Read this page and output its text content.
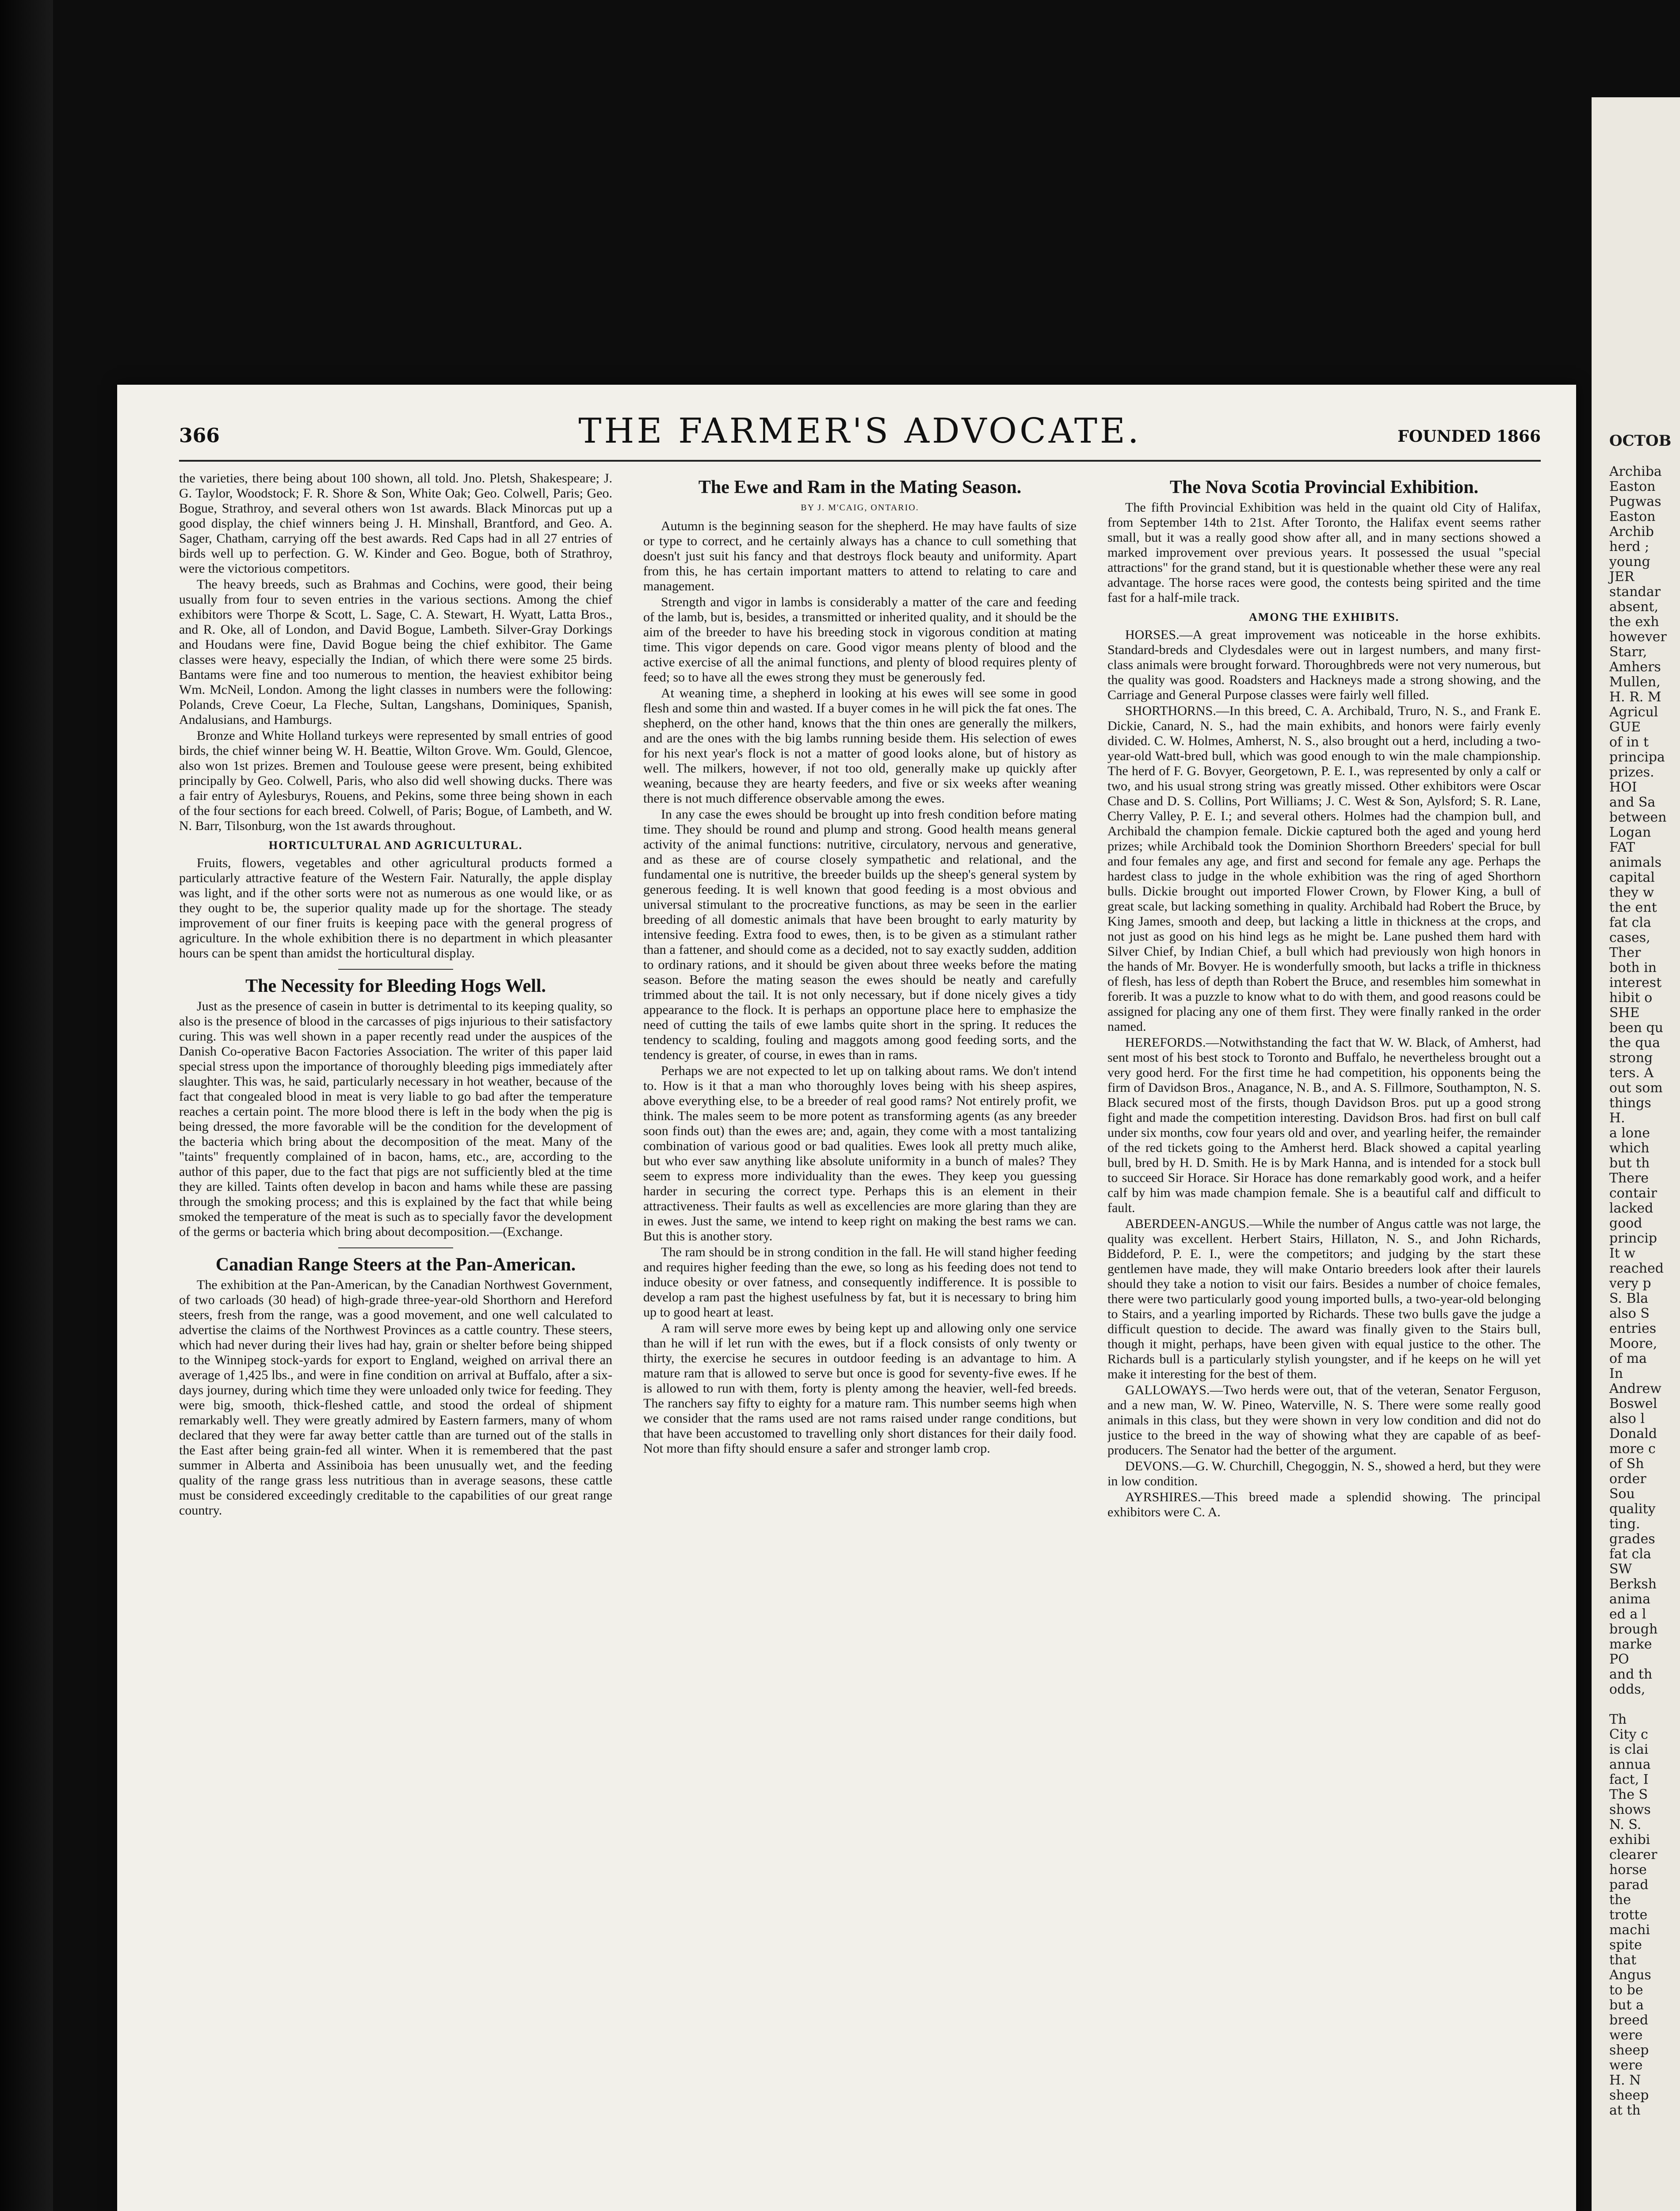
366	THE FARMER'S ADVOCATE.	FOUNDED 1866

the varieties, there being about 100 shown, all told. Jno. Pletsh, Shakespeare; J. G. Taylor, Woodstock; F. R. Shore & Son, White Oak; Geo. Colwell, Paris; Geo. Bogue, Strathroy, and several others won 1st awards. Black Minorcas put up a good display, the chief winners being J. H. Minshall, Brantford, and Geo. A. Sager, Chatham, carrying off the best awards. Red Caps had in all 27 entries of birds well up to perfection. G. W. Kinder and Geo. Bogue, both of Strathroy, were the victorious competitors.

The heavy breeds, such as Brahmas and Cochins, were good, their being usually from four to seven entries in the various sections. Among the chief exhibitors were Thorpe & Scott, L. Sage, C. A. Stewart, H. Wyatt, Latta Bros., and R. Oke, all of London, and David Bogue, Lambeth. Silver-Gray Dorkings and Houdans were fine, David Bogue being the chief exhibitor. The Game classes were heavy, especially the Indian, of which there were some 25 birds. Bantams were fine and too numerous to mention, the heaviest exhibitor being Wm. McNeil, London. Among the light classes in numbers were the following: Polands, Creve Coeur, La Fleche, Sultan, Langshans, Dominiques, Spanish, Andalusians, and Hamburgs.

Bronze and White Holland turkeys were represented by small entries of good birds, the chief winner being W. H. Beattie, Wilton Grove. Wm. Gould, Glencoe, also won 1st prizes. Bremen and Toulouse geese were present, being exhibited principally by Geo. Colwell, Paris, who also did well showing ducks. There was a fair entry of Aylesburys, Rouens, and Pekins, some three being shown in each of the four sections for each breed. Colwell, of Paris; Bogue, of Lambeth, and W. N. Barr, Tilsonburg, won the 1st awards throughout.

HORTICULTURAL AND AGRICULTURAL.

Fruits, flowers, vegetables and other agricultural products formed a particularly attractive feature of the Western Fair. Naturally, the apple display was light, and if the other sorts were not as numerous as one would like, or as they ought to be, the superior quality made up for the shortage. The steady improvement of our finer fruits is keeping pace with the general progress of agriculture. In the whole exhibition there is no department in which pleasanter hours can be spent than amidst the horticultural display.

The Necessity for Bleeding Hogs Well.

Just as the presence of casein in butter is detrimental to its keeping quality, so also is the presence of blood in the carcasses of pigs injurious to their satisfactory curing. This was well shown in a paper recently read under the auspices of the Danish Co-operative Bacon Factories Association. The writer of this paper laid special stress upon the importance of thoroughly bleeding pigs immediately after slaughter. This was, he said, particularly necessary in hot weather, because of the fact that congealed blood in meat is very liable to go bad after the temperature reaches a certain point. The more blood there is left in the body when the pig is being dressed, the more favorable will be the condition for the development of the bacteria which bring about the decomposition of the meat. Many of the "taints" frequently complained of in bacon, hams, etc., are, according to the author of this paper, due to the fact that pigs are not sufficiently bled at the time they are killed. Taints often develop in bacon and hams while these are passing through the smoking process; and this is explained by the fact that while being smoked the temperature of the meat is such as to specially favor the development of the germs or bacteria which bring about decomposition.—(Exchange.

Canadian Range Steers at the Pan-American.

The exhibition at the Pan-American, by the Canadian Northwest Government, of two carloads (30 head) of high-grade three-year-old Shorthorn and Hereford steers, fresh from the range, was a good movement, and one well calculated to advertise the claims of the Northwest Provinces as a cattle country. These steers, which had never during their lives had hay, grain or shelter before being shipped to the Winnipeg stock-yards for export to England, weighed on arrival there an average of 1,425 lbs., and were in fine condition on arrival at Buffalo, after a six-days journey, during which time they were unloaded only twice for feeding. They were big, smooth, thick-fleshed cattle, and stood the ordeal of shipment remarkably well. They were greatly admired by Eastern farmers, many of whom declared that they were far away better cattle than are turned out of the stalls in the East after being grain-fed all winter. When it is remembered that the past summer in Alberta and Assiniboia has been unusually wet, and the feeding quality of the range grass less nutritious than in average seasons, these cattle must be considered exceedingly creditable to the capabilities of our great range country.

The Ewe and Ram in the Mating Season.
BY J. M'CAIG, ONTARIO.

Autumn is the beginning season for the shepherd. He may have faults of size or type to correct, and he certainly always has a chance to cull something that doesn't just suit his fancy and that destroys flock beauty and uniformity. Apart from this, he has certain important matters to attend to relating to care and management.

Strength and vigor in lambs is considerably a matter of the care and feeding of the lamb, but is, besides, a transmitted or inherited quality, and it should be the aim of the breeder to have his breeding stock in vigorous condition at mating time. This vigor depends on care. Good vigor means plenty of blood and the active exercise of all the animal functions, and plenty of blood requires plenty of feed; so to have all the ewes strong they must be generously fed.

At weaning time, a shepherd in looking at his ewes will see some in good flesh and some thin and wasted. If a buyer comes in he will pick the fat ones. The shepherd, on the other hand, knows that the thin ones are generally the milkers, and are the ones with the big lambs running beside them. His selection of ewes for his next year's flock is not a matter of good looks alone, but of history as well. The milkers, however, if not too old, generally make up quickly after weaning, because they are hearty feeders, and five or six weeks after weaning there is not much difference observable among the ewes.

In any case the ewes should be brought up into fresh condition before mating time. They should be round and plump and strong. Good health means general activity of the animal functions: nutritive, circulatory, nervous and generative, and as these are of course closely sympathetic and relational, and the fundamental one is nutritive, the breeder builds up the sheep's general system by generous feeding. It is well known that good feeding is a most obvious and universal stimulant to the procreative functions, as may be seen in the earlier breeding of all domestic animals that have been brought to early maturity by intensive feeding. Extra food to ewes, then, is to be given as a stimulant rather than a fattener, and should come as a decided, not to say exactly sudden, addition to ordinary rations, and it should be given about three weeks before the mating season. Before the mating season the ewes should be neatly and carefully trimmed about the tail. It is not only necessary, but if done nicely gives a tidy appearance to the flock. It is perhaps an opportune place here to emphasize the need of cutting the tails of ewe lambs quite short in the spring. It reduces the tendency to scalding, fouling and maggots among good feeding sorts, and the tendency is greater, of course, in ewes than in rams.

Perhaps we are not expected to let up on talking about rams. We don't intend to. How is it that a man who thoroughly loves being with his sheep aspires, above everything else, to be a breeder of real good rams? Not entirely profit, we think. The males seem to be more potent as transforming agents (as any breeder soon finds out) than the ewes are; and, again, they come with a most tantalizing combination of various good or bad qualities. Ewes look all pretty much alike, but who ever saw anything like absolute uniformity in a bunch of males? They seem to express more individuality than the ewes. They keep you guessing harder in securing the correct type. Perhaps this is an element in their attractiveness. Their faults as well as excellencies are more glaring than they are in ewes. Just the same, we intend to keep right on making the best rams we can. But this is another story.

The ram should be in strong condition in the fall. He will stand higher feeding and requires higher feeding than the ewe, so long as his feeding does not tend to induce obesity or over fatness, and consequently indifference. It is possible to develop a ram past the highest usefulness by fat, but it is necessary to bring him up to good heart at least.

A ram will serve more ewes by being kept up and allowing only one service than he will if let run with the ewes, but if a flock consists of only twenty or thirty, the exercise he secures in outdoor feeding is an advantage to him. A mature ram that is allowed to serve but once is good for seventy-five ewes. If he is allowed to run with them, forty is plenty among the heavier, well-fed breeds. The ranchers say fifty to eighty for a mature ram. This number seems high when we consider that the rams used are not rams raised under range conditions, but that have been accustomed to travelling only short distances for their daily food. Not more than fifty should ensure a safer and stronger lamb crop.

The Nova Scotia Provincial Exhibition.

The fifth Provincial Exhibition was held in the quaint old City of Halifax, from September 14th to 21st. After Toronto, the Halifax event seems rather small, but it was a really good show after all, and in many sections showed a marked improvement over previous years. It possessed the usual "special attractions" for the grand stand, but it is questionable whether these were any real advantage. The horse races were good, the contests being spirited and the time fast for a half-mile track.

AMONG THE EXHIBITS.

HORSES.—A great improvement was noticeable in the horse exhibits. Standard-breds and Clydesdales were out in largest numbers, and many first-class animals were brought forward. Thoroughbreds were not very numerous, but the quality was good. Roadsters and Hackneys made a strong showing, and the Carriage and General Purpose classes were fairly well filled.

SHORTHORNS.—In this breed, C. A. Archibald, Truro, N. S., and Frank E. Dickie, Canard, N. S., had the main exhibits, and honors were fairly evenly divided. C. W. Holmes, Amherst, N. S., also brought out a herd, including a two-year-old Watt-bred bull, which was good enough to win the male championship. The herd of F. G. Bovyer, Georgetown, P. E. I., was represented by only a calf or two, and his usual strong string was greatly missed. Other exhibitors were Oscar Chase and D. S. Collins, Port Williams; J. C. West & Son, Aylsford; S. R. Lane, Cherry Valley, P. E. I.; and several others. Holmes had the champion bull, and Archibald the champion female. Dickie captured both the aged and young herd prizes; while Archibald took the Dominion Shorthorn Breeders' special for bull and four females any age, and first and second for female any age. Perhaps the hardest class to judge in the whole exhibition was the ring of aged Shorthorn bulls. Dickie brought out imported Flower Crown, by Flower King, a bull of great scale, but lacking something in quality. Archibald had Robert the Bruce, by King James, smooth and deep, but lacking a little in thickness at the crops, and not just as good on his hind legs as he might be. Lane pushed them hard with Silver Chief, by Indian Chief, a bull which had previously won high honors in the hands of Mr. Bovyer. He is wonderfully smooth, but lacks a trifle in thickness of flesh, has less of depth than Robert the Bruce, and resembles him somewhat in forerib. It was a puzzle to know what to do with them, and good reasons could be assigned for placing any one of them first. They were finally ranked in the order named.

HEREFORDS.—Notwithstanding the fact that W. W. Black, of Amherst, had sent most of his best stock to Toronto and Buffalo, he nevertheless brought out a very good herd. For the first time he had competition, his opponents being the firm of Davidson Bros., Anagance, N. B., and A. S. Fillmore, Southampton, N. S. Black secured most of the firsts, though Davidson Bros. put up a good strong fight and made the competition interesting. Davidson Bros. had first on bull calf under six months, cow four years old and over, and yearling heifer, the remainder of the red tickets going to the Amherst herd. Black showed a capital yearling bull, bred by H. D. Smith. He is by Mark Hanna, and is intended for a stock bull to succeed Sir Horace. Sir Horace has done remarkably good work, and a heifer calf by him was made champion female. She is a beautiful calf and difficult to fault.

ABERDEEN-ANGUS.—While the number of Angus cattle was not large, the quality was excellent. Herbert Stairs, Hillaton, N. S., and John Richards, Biddeford, P. E. I., were the competitors; and judging by the start these gentlemen have made, they will make Ontario breeders look after their laurels should they take a notion to visit our fairs. Besides a number of choice females, there were two particularly good young imported bulls, a two-year-old belonging to Stairs, and a yearling imported by Richards. These two bulls gave the judge a difficult question to decide. The award was finally given to the Stairs bull, though it might, perhaps, have been given with equal justice to the other. The Richards bull is a particularly stylish youngster, and if he keeps on he will yet make it interesting for the best of them.

GALLOWAYS.—Two herds were out, that of the veteran, Senator Ferguson, and a new man, W. W. Pineo, Waterville, N. S. There were some really good animals in this class, but they were shown in very low condition and did not do justice to the breed in the way of showing what they are capable of as beef-producers. The Senator had the better of the argument.

DEVONS.—G. W. Churchill, Chegoggin, N. S., showed a herd, but they were in low condition.

AYRSHIRES.—This breed made a splendid showing. The principal exhibitors were C. A.

OCTOB
Archiba
Easton
Pugwas
Easton
Archib
herd ;
young
JER
standar
absent,
the exh
however
Starr,
Amhers
Mullen,
H. R. M
Agricul
GUE
of in t
principa
prizes.
HOI
and Sa
between
Logan
FAT
animals
capital
they w
the ent
fat cla
cases,
Ther
both in
interest
hibit o
SHE
been qu
the qua
strong
ters. A
out som
things
H.
a lone
which
but th
There
contair
lacked
good
princip
It w
reached
very p
S. Bla
also S
entries
Moore,
of ma
In
Andrew
Boswel
also l
Donald
more c
of Sh
order
Sou
quality
ting.
grades
fat cla
SW
Berksh
anima
ed a l
brough
marke
PO
and th
odds,

Th
City c
is clai
annua
fact, I
The S
shows
N. S.
exhibi
clearer
horse
parad
the
trotte
machi
spite
that
Angus
to be
but a
breed
were
sheep
were
H. N
sheep
at th
